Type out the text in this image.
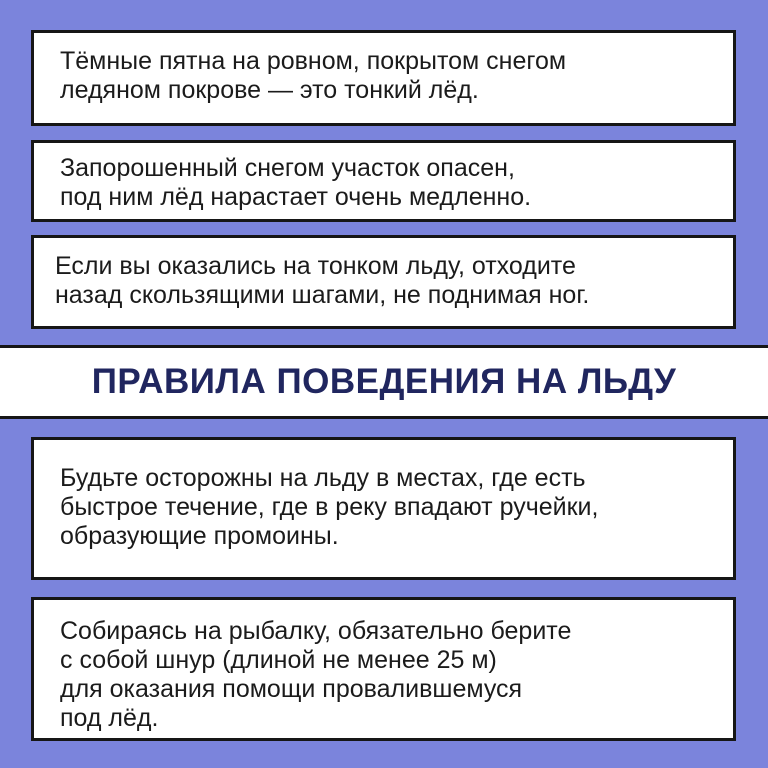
Тёмные пятна на ровном, покрытом снегом
ледяном покрове — это тонкий лёд.
Запорошенный снегом участок опасен,
под ним лёд нарастает очень медленно.
Если вы оказались на тонком льду, отходите
назад скользящими шагами, не поднимая ног.
ПРАВИЛА ПОВЕДЕНИЯ НА ЛЬДУ
Будьте осторожны на льду в местах, где есть
быстрое течение, где в реку впадают ручейки,
образующие промоины.
Собираясь на рыбалку, обязательно берите
с собой шнур (длиной не менее 25 м)
для оказания помощи провалившемуся
под лёд.
